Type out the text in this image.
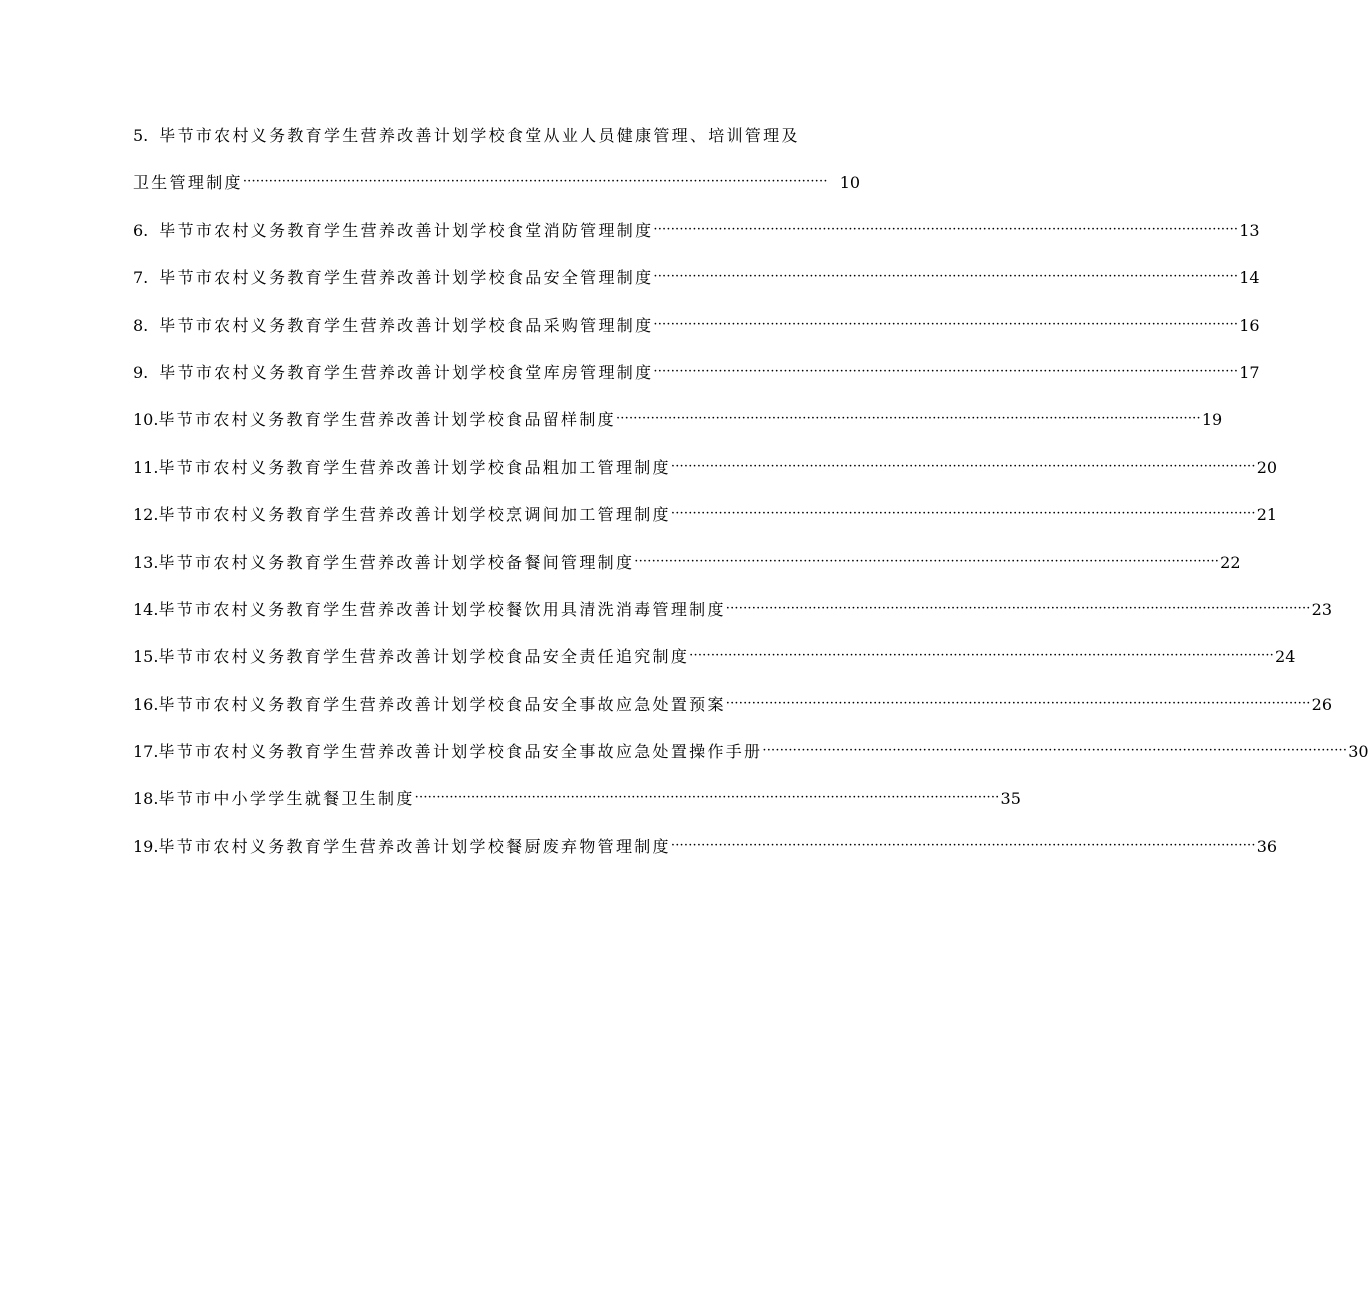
5. 毕节市农村义务教育学生营养改善计划学校食堂从业人员健康管理、培训管理及
卫生管理制度 ·····	10
6. 毕节市农村义务教育学生营养改善计划学校食堂消防管理制度 ·····	13
7. 毕节市农村义务教育学生营养改善计划学校食品安全管理制度 ·····	14
8. 毕节市农村义务教育学生营养改善计划学校食品采购管理制度 ·····	16
9. 毕节市农村义务教育学生营养改善计划学校食堂库房管理制度 ·····	17
10. 毕节市农村义务教育学生营养改善计划学校食品留样制度 ·····	19
11. 毕节市农村义务教育学生营养改善计划学校食品粗加工管理制度 ·····	20
12. 毕节市农村义务教育学生营养改善计划学校烹调间加工管理制度 ·····	21
13. 毕节市农村义务教育学生营养改善计划学校备餐间管理制度 ·····	22
14. 毕节市农村义务教育学生营养改善计划学校餐饮用具清洗消毒管理制度 ·····	23
15. 毕节市农村义务教育学生营养改善计划学校食品安全责任追究制度 ·····	24
16. 毕节市农村义务教育学生营养改善计划学校食品安全事故应急处置预案 ·····	26
17. 毕节市农村义务教育学生营养改善计划学校食品安全事故应急处置操作手册 ·····	30
18. 毕节市中小学学生就餐卫生制度 ·····	35
19. 毕节市农村义务教育学生营养改善计划学校餐厨废弃物管理制度 ·····	36
